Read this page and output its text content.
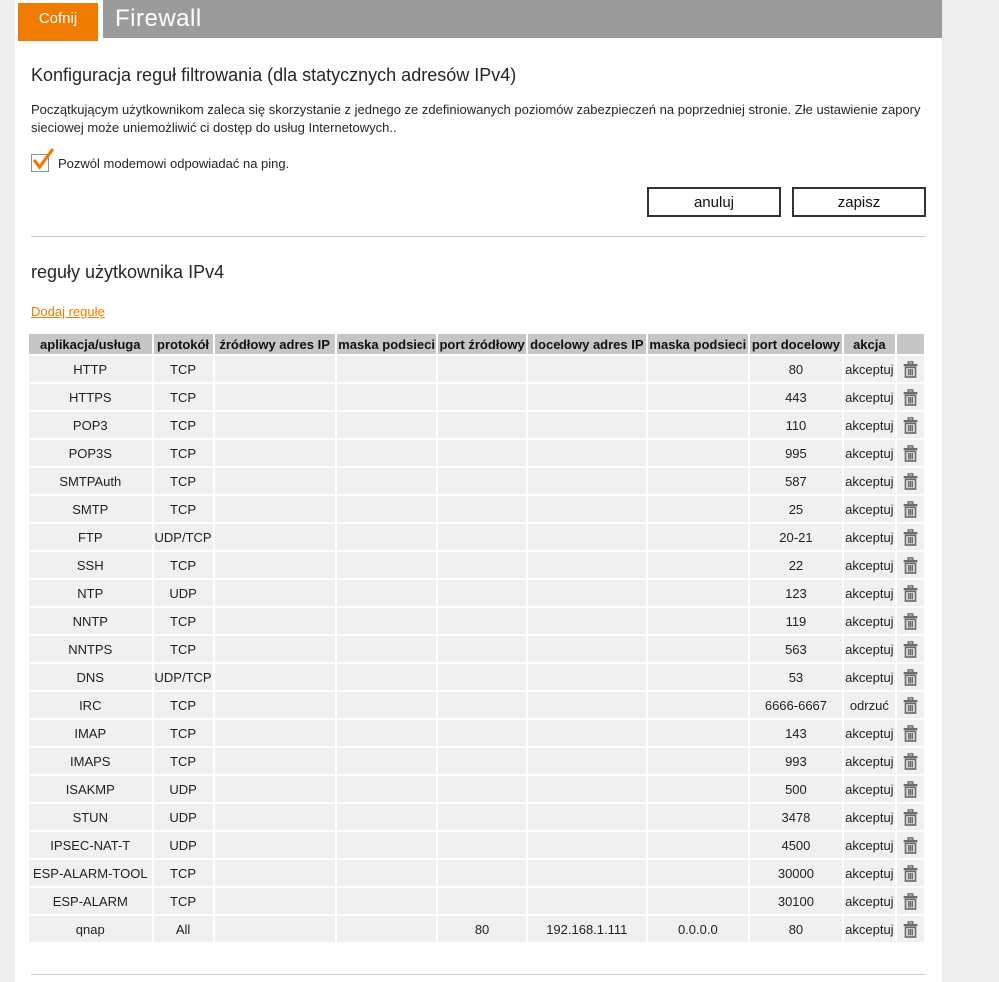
Firewall
Cofnij
Konfiguracja reguł filtrowania (dla statycznych adresów IPv4)

Początkującym użytkownikom zaleca się skorzystanie z jednego ze zdefiniowanych poziomów zabezpieczeń na poprzedniej stronie. Złe ustawienie zapory sieciowej może uniemożliwić ci dostęp do usług Internetowych..

Pozwól modemowi odpowiadać na ping.
anuluj	zapisz
reguły użytkownika IPv4
Dodaj regułę
aplikacja/usługa	protokół	źródłowy adres IP	maska podsieci	port źródłowy	docelowy adres IP	maska podsieci	port docelowy	akcja	
HTTP	TCP						80	akceptuj	
HTTPS	TCP						443	akceptuj	
POP3	TCP						110	akceptuj	
POP3S	TCP						995	akceptuj	
SMTPAuth	TCP						587	akceptuj	
SMTP	TCP						25	akceptuj	
FTP	UDP/TCP						20-21	akceptuj	
SSH	TCP						22	akceptuj	
NTP	UDP						123	akceptuj	
NNTP	TCP						119	akceptuj	
NNTPS	TCP						563	akceptuj	
DNS	UDP/TCP						53	akceptuj	
IRC	TCP						6666-6667	odrzuć	
IMAP	TCP						143	akceptuj	
IMAPS	TCP						993	akceptuj	
ISAKMP	UDP						500	akceptuj	
STUN	UDP						3478	akceptuj	
IPSEC-NAT-T	UDP						4500	akceptuj	
ESP-ALARM-TOOL	TCP						30000	akceptuj	
ESP-ALARM	TCP						30100	akceptuj	
qnap	All			80	192.168.1.111	0.0.0.0	80	akceptuj	
